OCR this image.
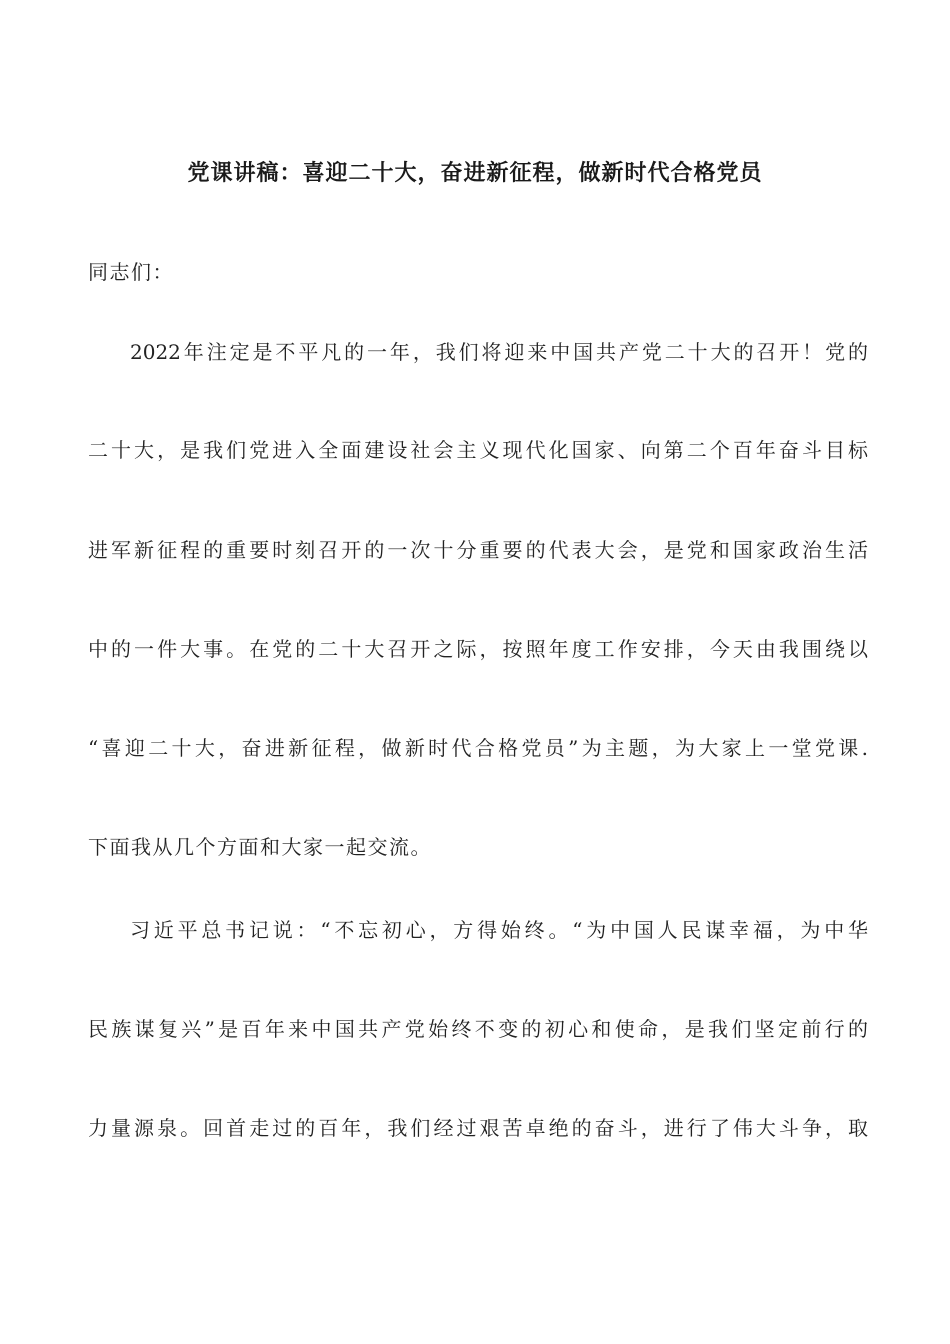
党课讲稿：喜迎二十大，奋进新征程，做新时代合格党员
同志们：
2022年注定是不平凡的一年，我们将迎来中国共产党二十大的召开！党的
二十大，是我们党进入全面建设社会主义现代化国家、向第二个百年奋斗目标
进军新征程的重要时刻召开的一次十分重要的代表大会，是党和国家政治生活
中的一件大事。在党的二十大召开之际，按照年度工作安排，今天由我围绕以
“喜迎二十大，奋进新征程，做新时代合格党员”为主题，为大家上一堂党课.
下面我从几个方面和大家一起交流。
习近平总书记说：“不忘初心，方得始终。“为中国人民谋幸福，为中华
民族谋复兴”是百年来中国共产党始终不变的初心和使命，是我们坚定前行的
力量源泉。回首走过的百年，我们经过艰苦卓绝的奋斗，进行了伟大斗争，取
